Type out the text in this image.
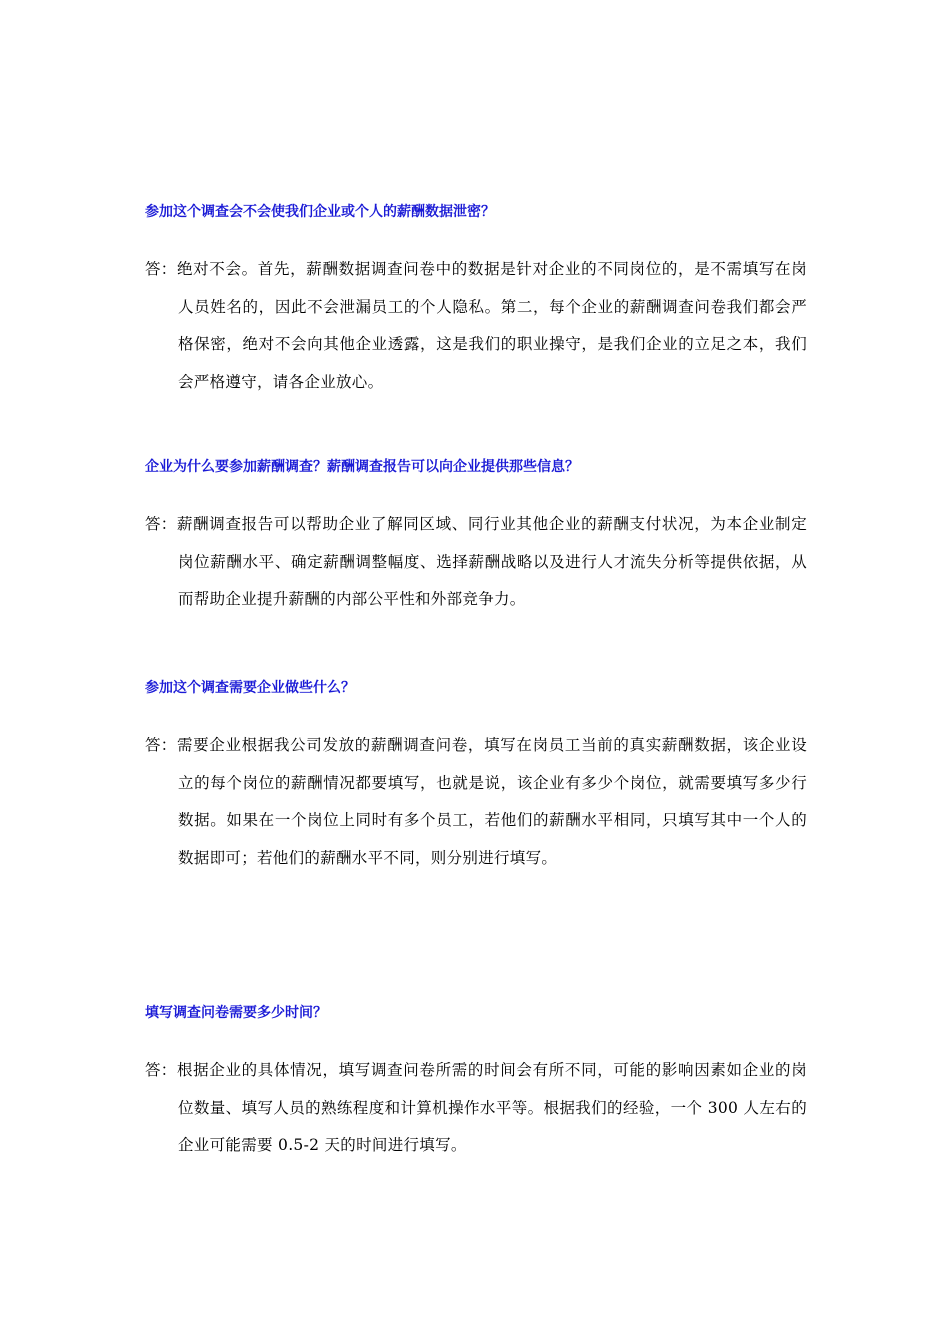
参加这个调查会不会使我们企业或个人的薪酬数据泄密？

答：绝对不会。首先，薪酬数据调查问卷中的数据是针对企业的不同岗位的，是不需填写在岗人员姓名的，因此不会泄漏员工的个人隐私。第二，每个企业的薪酬调查问卷我们都会严格保密，绝对不会向其他企业透露，这是我们的职业操守，是我们企业的立足之本，我们会严格遵守，请各企业放心。

企业为什么要参加薪酬调查？薪酬调查报告可以向企业提供那些信息？

答：薪酬调查报告可以帮助企业了解同区域、同行业其他企业的薪酬支付状况，为本企业制定岗位薪酬水平、确定薪酬调整幅度、选择薪酬战略以及进行人才流失分析等提供依据，从而帮助企业提升薪酬的内部公平性和外部竞争力。

参加这个调查需要企业做些什么？

答：需要企业根据我公司发放的薪酬调查问卷，填写在岗员工当前的真实薪酬数据，该企业设立的每个岗位的薪酬情况都要填写，也就是说，该企业有多少个岗位，就需要填写多少行数据。如果在一个岗位上同时有多个员工，若他们的薪酬水平相同，只填写其中一个人的数据即可；若他们的薪酬水平不同，则分别进行填写。

填写调查问卷需要多少时间？

答：根据企业的具体情况，填写调查问卷所需的时间会有所不同，可能的影响因素如企业的岗位数量、填写人员的熟练程度和计算机操作水平等。根据我们的经验，一个 300 人左右的企业可能需要 0.5-2 天的时间进行填写。
